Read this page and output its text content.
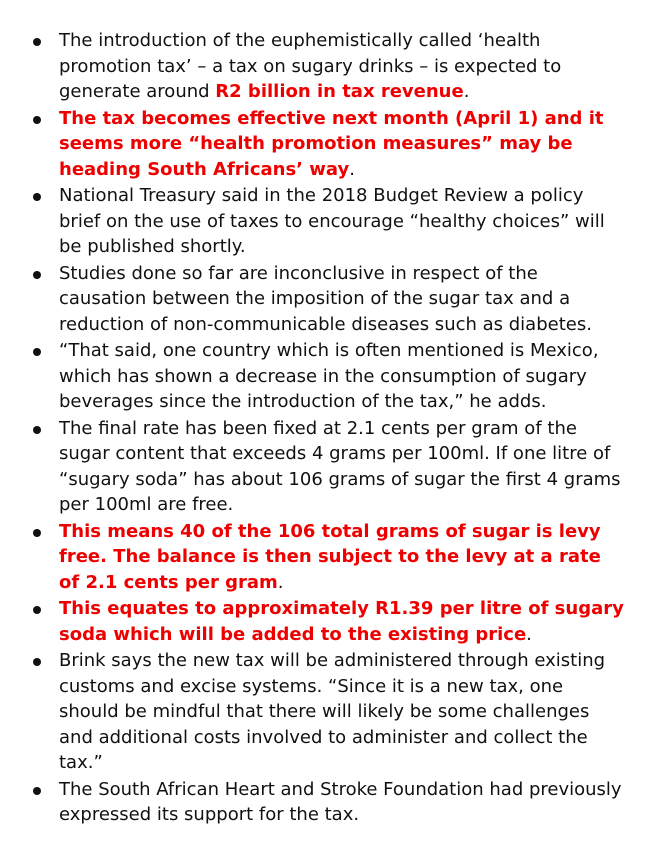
The introduction of the euphemistically called ‘health promotion tax’ – a tax on sugary drinks – is expected to generate around R2 billion in tax revenue.
The tax becomes effective next month (April 1) and it seems more “health promotion measures” may be heading South Africans’ way.
National Treasury said in the 2018 Budget Review a policy brief on the use of taxes to encourage “healthy choices” will be published shortly.
Studies done so far are inconclusive in respect of the causation between the imposition of the sugar tax and a reduction of non-communicable diseases such as diabetes.
“That said, one country which is often mentioned is Mexico, which has shown a decrease in the consumption of sugary beverages since the introduction of the tax,” he adds.
The final rate has been fixed at 2.1 cents per gram of the sugar content that exceeds 4 grams per 100ml. If one litre of “sugary soda” has about 106 grams of sugar the first 4 grams per 100ml are free.
This means 40 of the 106 total grams of sugar is levy free. The balance is then subject to the levy at a rate of 2.1 cents per gram.
This equates to approximately R1.39 per litre of sugary soda which will be added to the existing price.
Brink says the new tax will be administered through existing customs and excise systems. “Since it is a new tax, one should be mindful that there will likely be some challenges and additional costs involved to administer and collect the tax.”
The South African Heart and Stroke Foundation had previously expressed its support for the tax.
